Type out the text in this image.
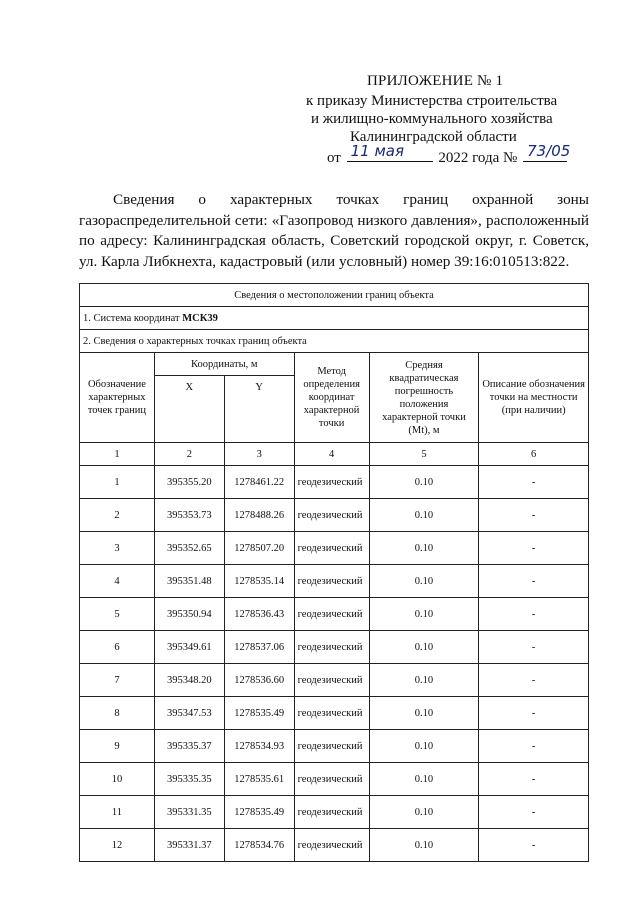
ПРИЛОЖЕНИЕ № 1
к приказу Министерства строительства
и жилищно-коммунального хозяйства
Калининградской области
от 11 мая 2022 года № 73/05
Сведения о характерных точках границ охранной зоны газораспределительной сети: «Газопровод низкого давления», расположенный по адресу: Калининградская область, Советский городской округ, г. Советск, ул. Карла Либкнехта, кадастровый (или условный) номер 39:16:010513:822.
Сведения о местоположении границ объекта					
1. Система координат МСК39					
2. Сведения о характерных точках границ объекта					
Обозначение характерных точек границ	Координаты, м		Метод определения координат характерной точки	Средняя квадратическая погрешность положения характерной точки (Mt), м	Описание обозначения точки на местности (при наличии)
	X	Y			
1	2	3	4	5	6
1	395355.20	1278461.22	геодезический	0.10	-
2	395353.73	1278488.26	геодезический	0.10	-
3	395352.65	1278507.20	геодезический	0.10	-
4	395351.48	1278535.14	геодезический	0.10	-
5	395350.94	1278536.43	геодезический	0.10	-
6	395349.61	1278537.06	геодезический	0.10	-
7	395348.20	1278536.60	геодезический	0.10	-
8	395347.53	1278535.49	геодезический	0.10	-
9	395335.37	1278534.93	геодезический	0.10	-
10	395335.35	1278535.61	геодезический	0.10	-
11	395331.35	1278535.49	геодезический	0.10	-
12	395331.37	1278534.76	геодезический	0.10	-
